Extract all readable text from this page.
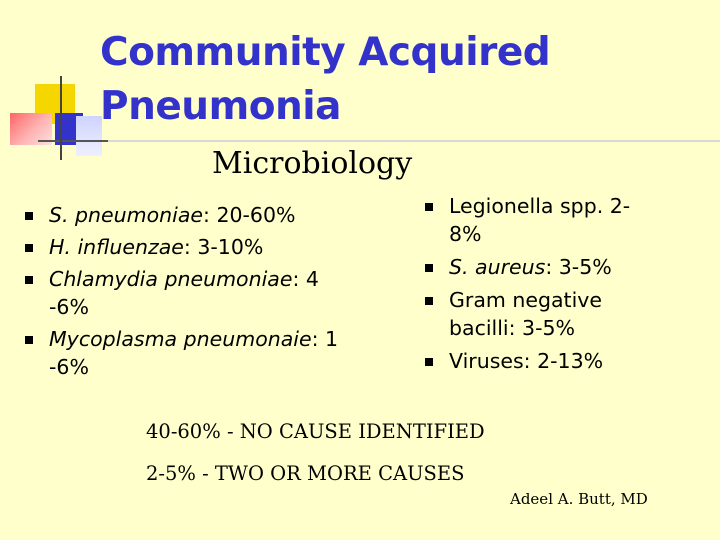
Community Acquired
Pneumonia
Microbiology
S. pneumoniae: 20-60%
H. influenzae: 3-10%
Chlamydia pneumoniae: 4
-6%
Mycoplasma pneumonaie: 1
-6%
Legionella spp. 2-
8%
S. aureus: 3-5%
Gram negative
bacilli: 3-5%
Viruses: 2-13%
40-60% - NO CAUSE IDENTIFIED
2-5% - TWO OR MORE CAUSES
Adeel A. Butt, MD
